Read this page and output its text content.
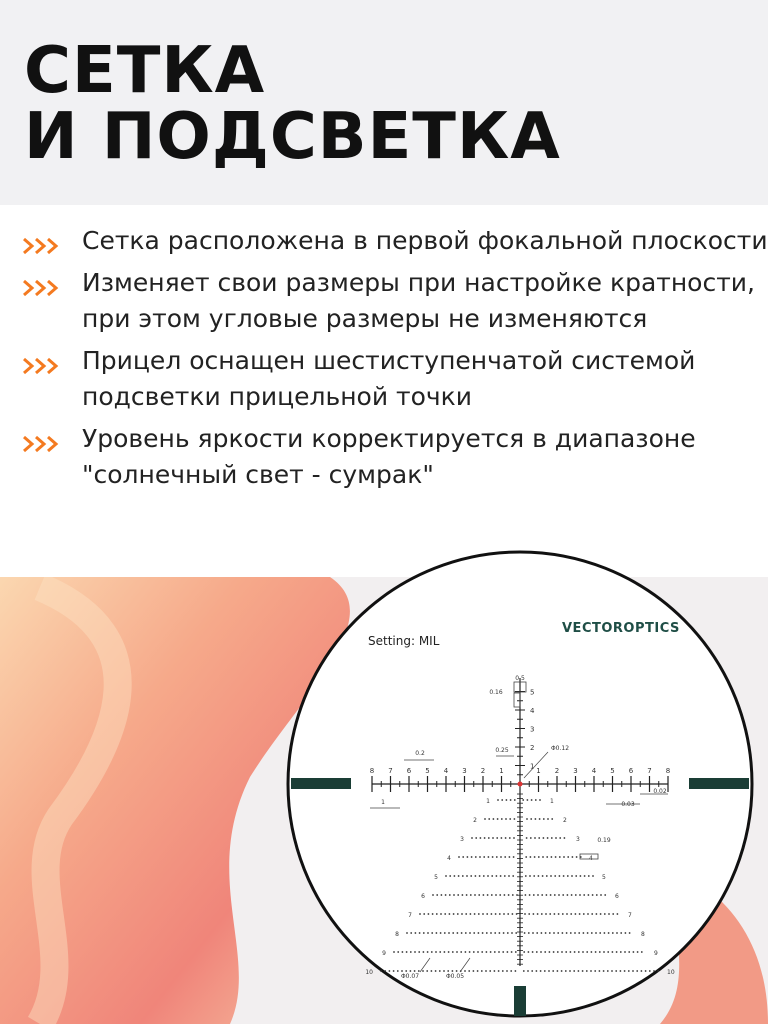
СЕТКА
И ПОДСВЕТКА
Сетка расположена в первой фокальной плоскости
Изменяет свои размеры при настройке кратности, при этом угловые размеры не изменяются
Прицел оснащен шестиступенчатой системой подсветки прицельной точки
Уровень яркости корректируется в диапазоне "солнечный свет - сумрак"
Setting: MIL
VECTOROPTICS
8 7 6 5 4 3 2 1	1 2 3 4 5 6 7 8
5
4
3
2
1
1	1
2	2
3	3
4	4
5	5
6	6
7	7
8	8
9	9
10	10
0.5
0.16
0.2	0.25	Φ0.12
1	0.03
0.02
0.19
Φ0.07	Φ0.05
